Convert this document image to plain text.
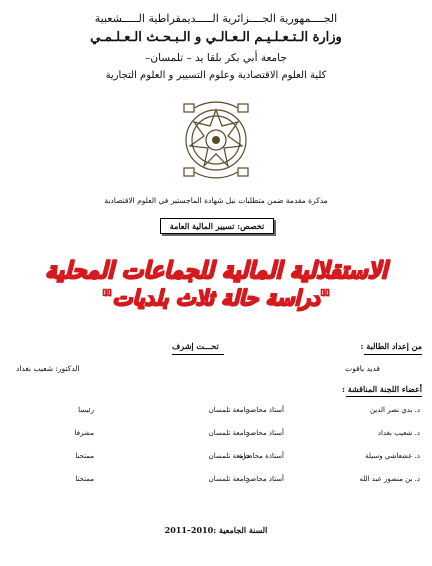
الجــــمهورية الجــــزائرية الـــــديمقراطية الـــــشعبية
وزارة الـتـعـلـيـم الـعـالـي و الـبـحـث الـعـلـمـي
جامعة أبي بكر بلقا يد – تلمسان–
كلية العلوم الاقتصادية وعلوم التسيير و العلوم التجارية
مذكرة مقدمة ضمن متطلبات نيل شهادة الماجستير في العلوم الاقتصادية
تخصص: تسيير المالية العامة
الاستقلالية المالية للجماعات المحلية
"دراسة حالة ثلاث بلديات"
من إعداد الطالبة :
تحـــت إشرف
قديد ياقوت
الدكتور: شعيب بغداد
أعضاء اللجنة المناقشة :
د. بدي نصر الدين
أستاذ محاضر
جامعة تلمسان
رئيسا
د. شعيب بغداد
أستاذ محاضر
جامعة تلمسان
مشرفا
د. عشعاشي وسيلة
أستاذة محاضرة
جامعة تلمسان
ممتحنا
د. بن منصور عبد الله
أستاذ محاضر
جامعة تلمسان
ممتحنا
السنة الجامعية :2011–2010
